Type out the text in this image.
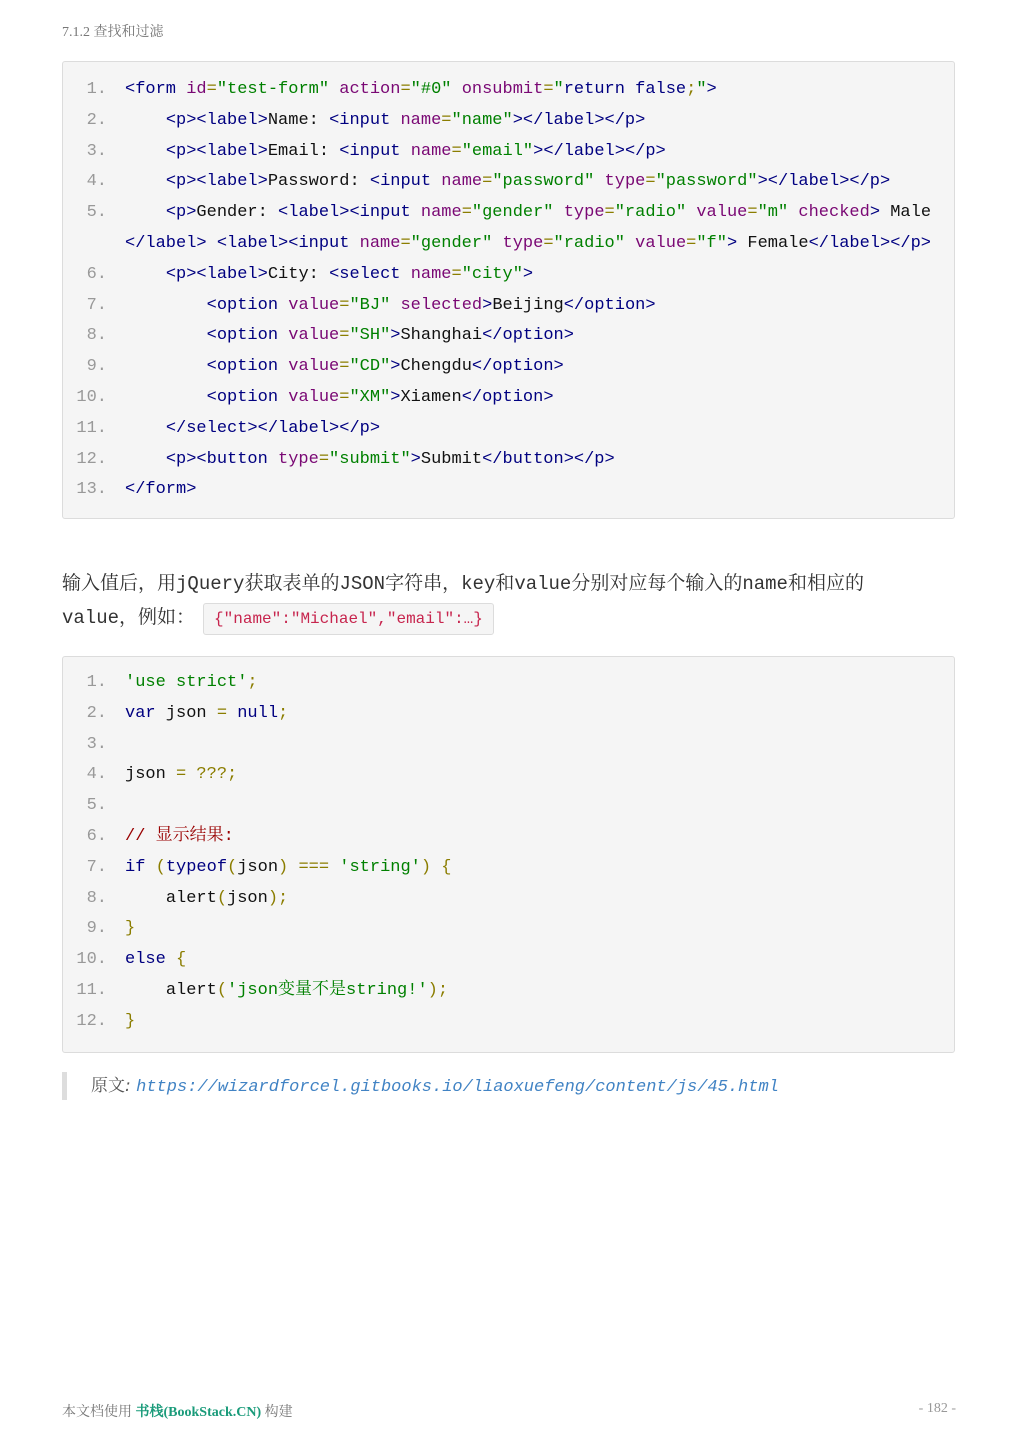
7.1.2 查找和过滤
1. <form id="test-form" action="#0" onsubmit="return false;">
2.	<p><label>Name: <input name="name"></label></p>
3.	<p><label>Email: <input name="email"></label></p>
4.	<p><label>Password: <input name="password" type="password"></label></p>
5.	<p>Gender: <label><input name="gender" type="radio" value="m" checked> Male</label> <label><input name="gender" type="radio" value="f"> Female</label></p>
6.	<p><label>City: <select name="city">
7.	<option value="BJ" selected>Beijing</option>
8.	<option value="SH">Shanghai</option>
9.	<option value="CD">Chengdu</option>
10.	<option value="XM">Xiamen</option>
11.	</select></label></p>
12.	<p><button type="submit">Submit</button></p>
13. </form>
输入值后，用jQuery获取表单的JSON字符串，key和value分别对应每个输入的name和相应的
value，例如： {"name":"Michael","email":…}
1. 'use strict';
2. var json = null;
3.
4. json = ???;
5.
6. // 显示结果:
7. if (typeof(json) === 'string') {
8. alert(json);
9. }
10. else {
11. alert('json变量不是string!');
12. }
原文: https://wizardforcel.gitbooks.io/liaoxuefeng/content/js/45.html
本文档使用 书栈(BookStack.CN) 构建	- 182 -
